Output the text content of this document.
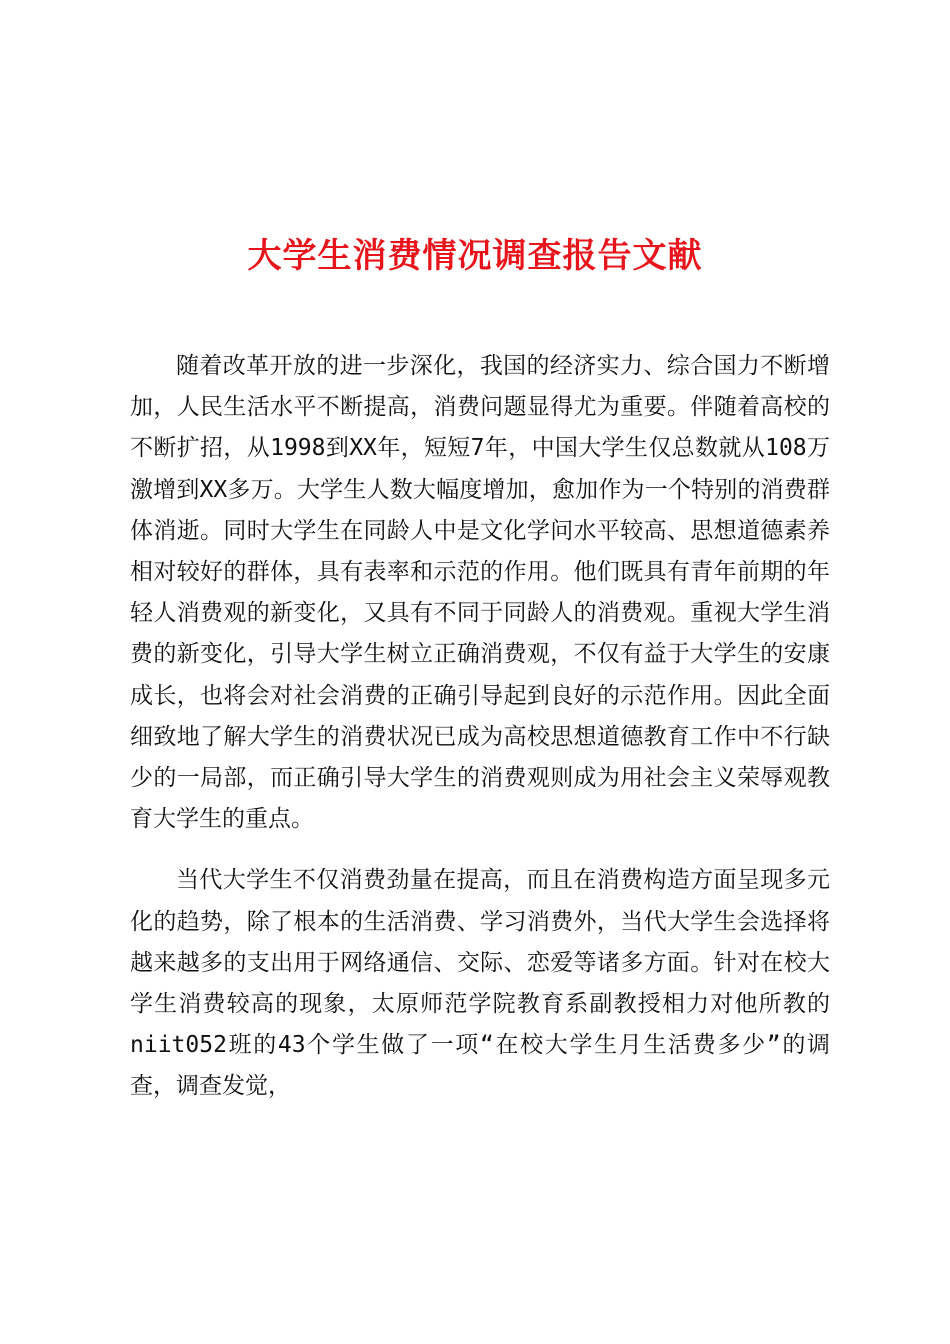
大学生消费情况调查报告文献

随着改革开放的进一步深化，我国的经济实力、综合国力不断增加，人民生活水平不断提高，消费问题显得尤为重要。伴随着高校的不断扩招，从1998到XX年，短短7年，中国大学生仅总数就从108万激增到XX多万。大学生人数大幅度增加，愈加作为一个特别的消费群体消逝。同时大学生在同龄人中是文化学问水平较高、思想道德素养相对较好的群体，具有表率和示范的作用。他们既具有青年前期的年轻人消费观的新变化，又具有不同于同龄人的消费观。重视大学生消费的新变化，引导大学生树立正确消费观，不仅有益于大学生的安康成长，也将会对社会消费的正确引导起到良好的示范作用。因此全面细致地了解大学生的消费状况已成为高校思想道德教育工作中不行缺少的一局部，而正确引导大学生的消费观则成为用社会主义荣辱观教育大学生的重点。

当代大学生不仅消费劲量在提高，而且在消费构造方面呈现多元化的趋势，除了根本的生活消费、学习消费外，当代大学生会选择将越来越多的支出用于网络通信、交际、恋爱等诸多方面。针对在校大学生消费较高的现象，太原师范学院教育系副教授相力对他所教的niit052班的43个学生做了一项“在校大学生月生活费多少”的调查，调查发觉，
